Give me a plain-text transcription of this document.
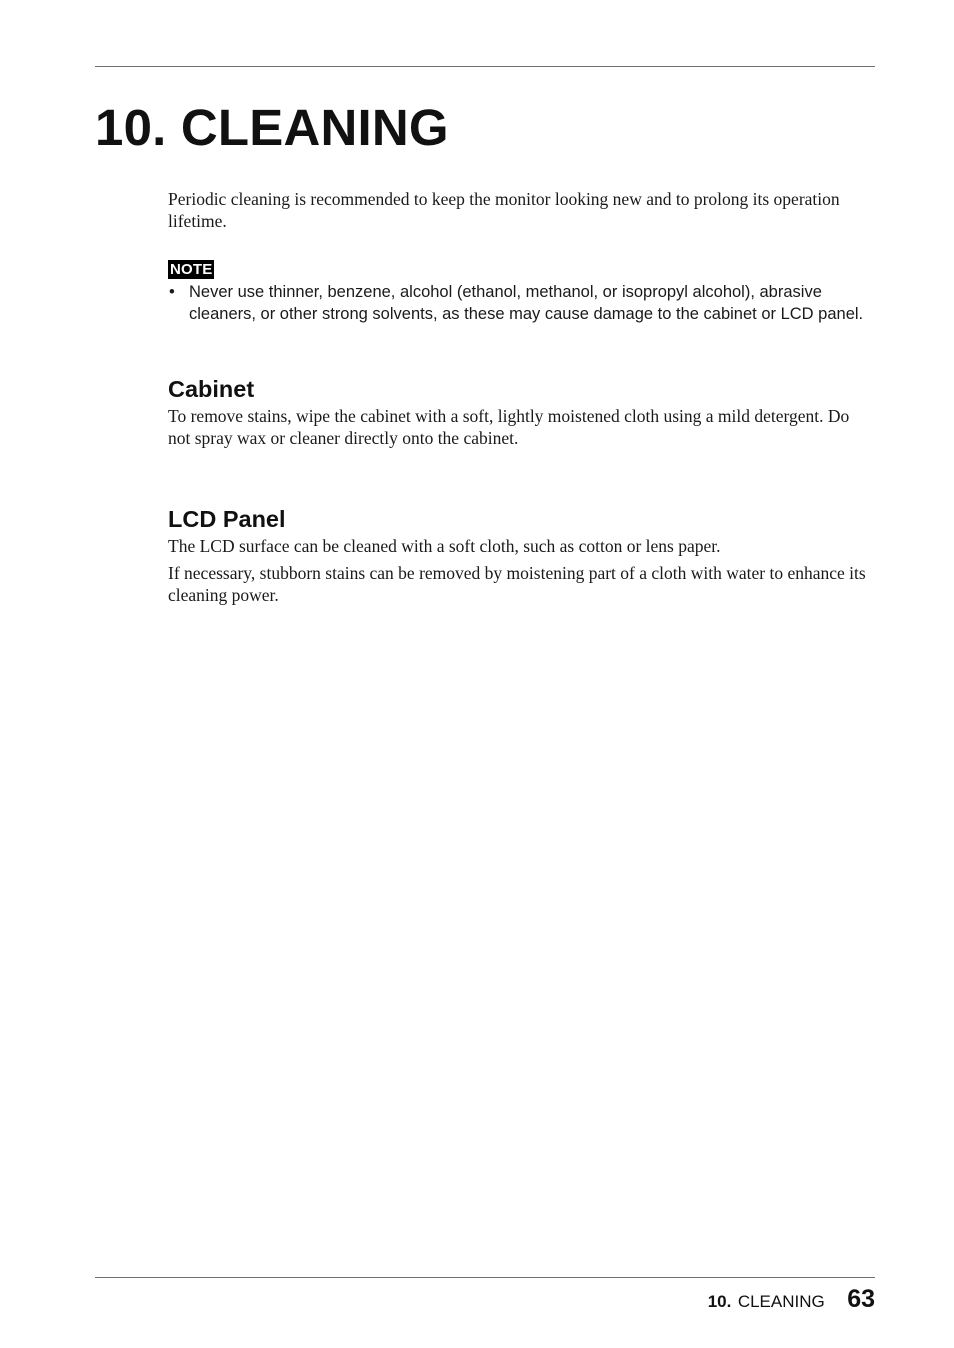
10. CLEANING

Periodic cleaning is recommended to keep the monitor looking new and to prolong its operation lifetime.

NOTE
• Never use thinner, benzene, alcohol (ethanol, methanol, or isopropyl alcohol), abrasive cleaners, or other strong solvents, as these may cause damage to the cabinet or LCD panel.
Cabinet

To remove stains, wipe the cabinet with a soft, lightly moistened cloth using a mild detergent. Do not spray wax or cleaner directly onto the cabinet.

LCD Panel

The LCD surface can be cleaned with a soft cloth, such as cotton or lens paper.

If necessary, stubborn stains can be removed by moistening part of a cloth with water to enhance its cleaning power.

10. CLEANING 63
